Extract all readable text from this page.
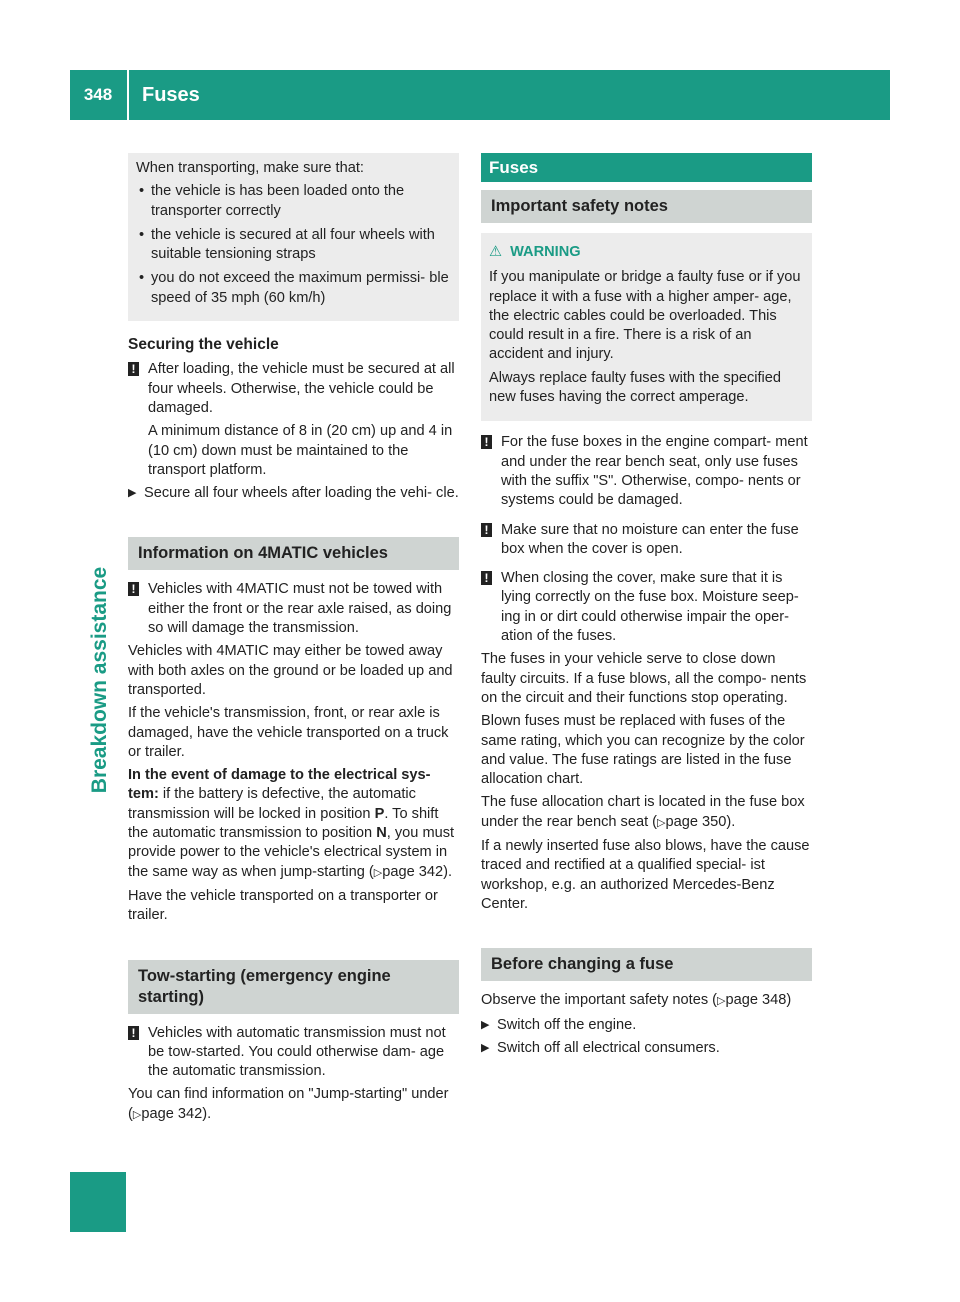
348	Fuses
Breakdown assistance
When transporting, make sure that:
• the vehicle is has been loaded onto the transporter correctly
• the vehicle is secured at all four wheels with suitable tensioning straps
• you do not exceed the maximum permissi- ble speed of 35 mph (60 km/h)
Securing the vehicle
! After loading, the vehicle must be secured at all four wheels. Otherwise, the vehicle could be damaged.
A minimum distance of 8 in (20 cm) up and 4 in (10 cm) down must be maintained to the transport platform.
▶ Secure all four wheels after loading the vehi- cle.
Information on 4MATIC vehicles
! Vehicles with 4MATIC must not be towed with either the front or the rear axle raised, as doing so will damage the transmission.
Vehicles with 4MATIC may either be towed away with both axles on the ground or be loaded up and transported.
If the vehicle's transmission, front, or rear axle is damaged, have the vehicle transported on a truck or trailer.
In the event of damage to the electrical sys- tem: if the battery is defective, the automatic transmission will be locked in position P. To shift the automatic transmission to position N, you must provide power to the vehicle's electrical system in the same way as when jump-starting (▷page 342).
Have the vehicle transported on a transporter or trailer.
Tow-starting (emergency engine starting)
! Vehicles with automatic transmission must not be tow-started. You could otherwise dam- age the automatic transmission.
You can find information on "Jump-starting" under (▷page 342).
Fuses
Important safety notes
⚠ WARNING
If you manipulate or bridge a faulty fuse or if you replace it with a fuse with a higher amper- age, the electric cables could be overloaded. This could result in a fire. There is a risk of an accident and injury.
Always replace faulty fuses with the specified new fuses having the correct amperage.
! For the fuse boxes in the engine compart- ment and under the rear bench seat, only use fuses with the suffix "S". Otherwise, compo- nents or systems could be damaged.
! Make sure that no moisture can enter the fuse box when the cover is open.
! When closing the cover, make sure that it is lying correctly on the fuse box. Moisture seep- ing in or dirt could otherwise impair the oper- ation of the fuses.
The fuses in your vehicle serve to close down faulty circuits. If a fuse blows, all the compo- nents on the circuit and their functions stop operating.
Blown fuses must be replaced with fuses of the same rating, which you can recognize by the color and value. The fuse ratings are listed in the fuse allocation chart.
The fuse allocation chart is located in the fuse box under the rear bench seat (▷page 350).
If a newly inserted fuse also blows, have the cause traced and rectified at a qualified special- ist workshop, e.g. an authorized Mercedes-Benz Center.
Before changing a fuse
Observe the important safety notes (▷page 348)
▶ Switch off the engine.
▶ Switch off all electrical consumers.
